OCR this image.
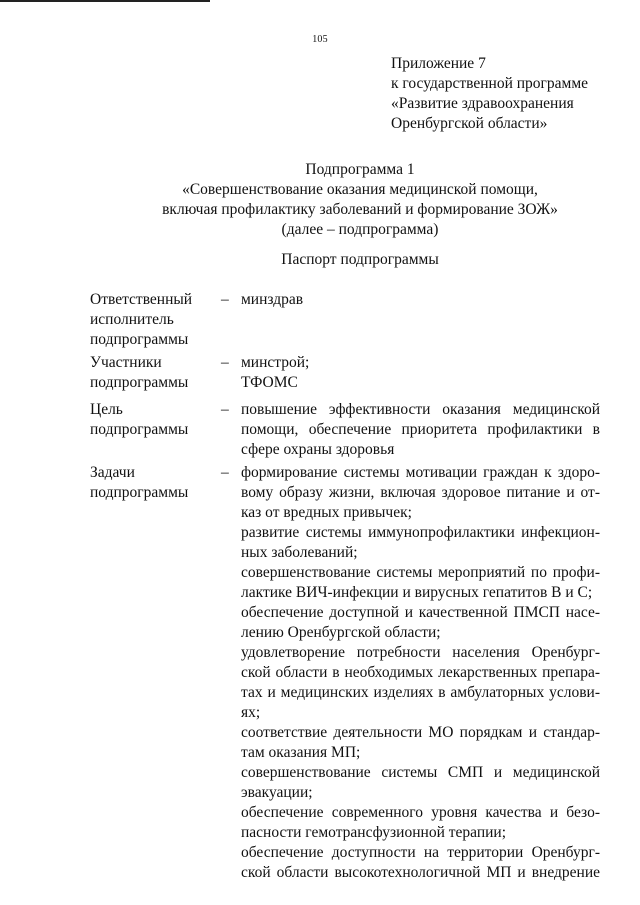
105
Приложение 7
к государственной программе
«Развитие здравоохранения
Оренбургской области»
Подпрограмма 1
«Совершенствование оказания медицинской помощи,
включая профилактику заболеваний и формирование ЗОЖ»
(далее – подпрограмма)
Паспорт подпрограммы
Ответственный
исполнитель
подпрограммы
– минздрав
Участники
подпрограммы
– минстрой;
ТФОМС
Цель
подпрограммы
– повышение эффективности оказания медицинской
помощи, обеспечение приоритета профилактики в
сфере охраны здоровья
Задачи
подпрограммы
– формирование системы мотивации граждан к здоро-
вому образу жизни, включая здоровое питание и от-
каз от вредных привычек;
развитие системы иммунопрофилактики инфекцион-
ных заболеваний;
совершенствование системы мероприятий по профи-
лактике ВИЧ-инфекции и вирусных гепатитов В и С;
обеспечение доступной и качественной ПМСП насе-
лению Оренбургской области;
удовлетворение потребности населения Оренбург-
ской области в необходимых лекарственных препара-
тах и медицинских изделиях в амбулаторных услови-
ях;
соответствие деятельности МО порядкам и стандар-
там оказания МП;
совершенствование системы СМП и медицинской
эвакуации;
обеспечение современного уровня качества и безо-
пасности гемотрансфузионной терапии;
обеспечение доступности на территории Оренбург-
ской области высокотехнологичной МП и внедрение
